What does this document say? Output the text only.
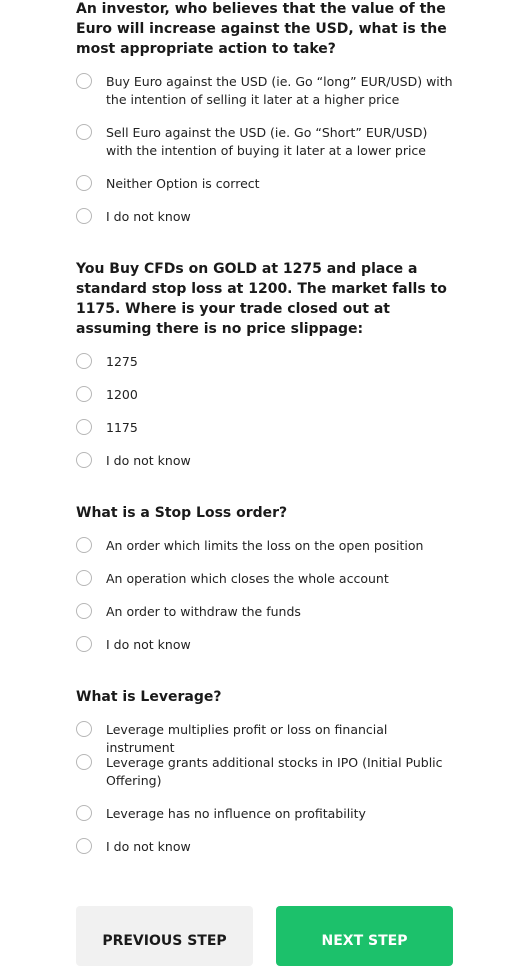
An investor, who believes that the value of the Euro will increase against the USD, what is the most appropriate action to take?

Buy Euro against the USD (ie. Go “long” EUR/USD) with the intention of selling it later at a higher price
Sell Euro against the USD (ie. Go “Short” EUR/USD) with the intention of buying it later at a lower price
Neither Option is correct
I do not know

You Buy CFDs on GOLD at 1275 and place a standard stop loss at 1200. The market falls to 1175. Where is your trade closed out at assuming there is no price slippage:

1275
1200
1175
I do not know

What is a Stop Loss order?

An order which limits the loss on the open position
An operation which closes the whole account
An order to withdraw the funds
I do not know

What is Leverage?

Leverage multiplies profit or loss on financial instrument
Leverage grants additional stocks in IPO (Initial Public Offering)
Leverage has no influence on profitability
I do not know
PREVIOUS STEP	NEXT STEP
